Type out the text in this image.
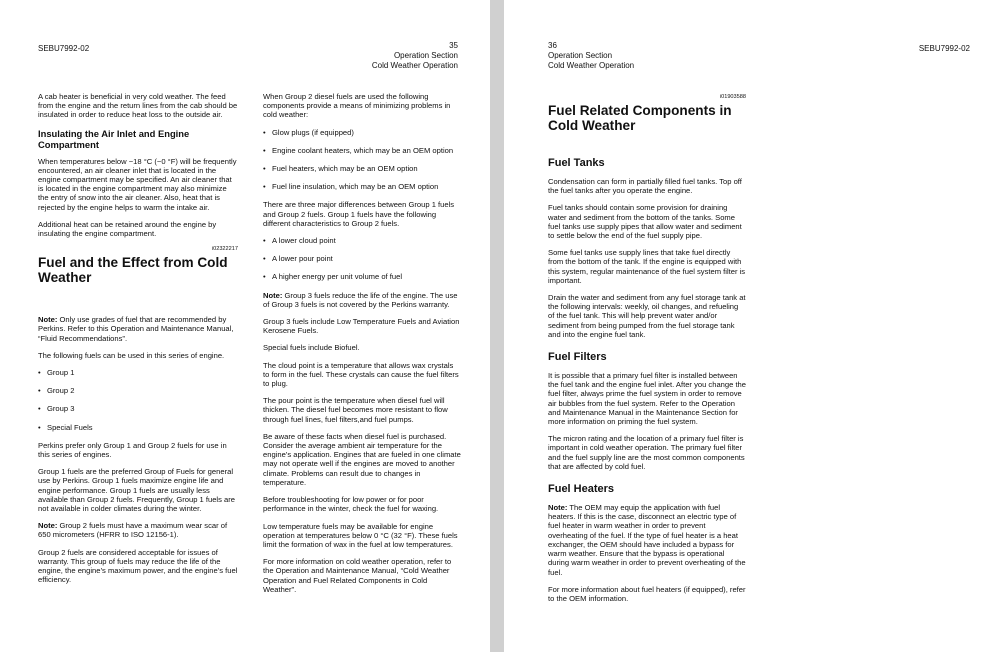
SEBU7992-02	35
Operation Section
Cold Weather Operation

A cab heater is beneficial in very cold weather. The feed from the engine and the return lines from the cab should be insulated in order to reduce heat loss to the outside air.

Insulating the Air Inlet and Engine Compartment

When temperatures below −18 °C (−0 °F) will be frequently encountered, an air cleaner inlet that is located in the engine compartment may be specified. An air cleaner that is located in the engine compartment may also minimize the entry of snow into the air cleaner. Also, heat that is rejected by the engine helps to warm the intake air.

Additional heat can be retained around the engine by insulating the engine compartment.

i02322217
Fuel and the Effect from Cold Weather

Note: Only use grades of fuel that are recommended by Perkins. Refer to this Operation and Maintenance Manual, “Fluid Recommendations”.

The following fuels can be used in this series of engine.

• Group 1
• Group 2
• Group 3
• Special Fuels

Perkins prefer only Group 1 and Group 2 fuels for use in this series of engines.

Group 1 fuels are the preferred Group of Fuels for general use by Perkins. Group 1 fuels maximize engine life and engine performance. Group 1 fuels are usually less available than Group 2 fuels. Frequently, Group 1 fuels are not available in colder climates during the winter.

Note: Group 2 fuels must have a maximum wear scar of 650 micrometers (HFRR to ISO 12156-1).

Group 2 fuels are considered acceptable for issues of warranty. This group of fuels may reduce the life of the engine, the engine’s maximum power, and the engine’s fuel efficiency.

When Group 2 diesel fuels are used the following components provide a means of minimizing problems in cold weather:

• Glow plugs (if equipped)
• Engine coolant heaters, which may be an OEM option
• Fuel heaters, which may be an OEM option
• Fuel line insulation, which may be an OEM option

There are three major differences between Group 1 fuels and Group 2 fuels. Group 1 fuels have the following different characteristics to Group 2 fuels.

• A lower cloud point
• A lower pour point
• A higher energy per unit volume of fuel

Note: Group 3 fuels reduce the life of the engine. The use of Group 3 fuels is not covered by the Perkins warranty.

Group 3 fuels include Low Temperature Fuels and Aviation Kerosene Fuels.

Special fuels include Biofuel.

The cloud point is a temperature that allows wax crystals to form in the fuel. These crystals can cause the fuel filters to plug.

The pour point is the temperature when diesel fuel will thicken. The diesel fuel becomes more resistant to flow through fuel lines, fuel filters,and fuel pumps.

Be aware of these facts when diesel fuel is purchased. Consider the average ambient air temperature for the engine’s application. Engines that are fueled in one climate may not operate well if the engines are moved to another climate. Problems can result due to changes in temperature.

Before troubleshooting for low power or for poor performance in the winter, check the fuel for waxing.

Low temperature fuels may be available for engine operation at temperatures below 0 °C (32 °F). These fuels limit the formation of wax in the fuel at low temperatures.

For more information on cold weather operation, refer to the Operation and Maintenance Manual, “Cold Weather Operation and Fuel Related Components in Cold Weather”.

36
Operation Section
Cold Weather Operation
SEBU7992-02
i01903588
Fuel Related Components in Cold Weather
Fuel Tanks

Condensation can form in partially filled fuel tanks. Top off the fuel tanks after you operate the engine.

Fuel tanks should contain some provision for draining water and sediment from the bottom of the tanks. Some fuel tanks use supply pipes that allow water and sediment to settle below the end of the fuel supply pipe.

Some fuel tanks use supply lines that take fuel directly from the bottom of the tank. If the engine is equipped with this system, regular maintenance of the fuel system filter is important.

Drain the water and sediment from any fuel storage tank at the following intervals: weekly, oil changes, and refueling of the fuel tank. This will help prevent water and/or sediment from being pumped from the fuel storage tank and into the engine fuel tank.

Fuel Filters

It is possible that a primary fuel filter is installed between the fuel tank and the engine fuel inlet. After you change the fuel filter, always prime the fuel system in order to remove air bubbles from the fuel system. Refer to the Operation and Maintenance Manual in the Maintenance Section for more information on priming the fuel system.

The micron rating and the location of a primary fuel filter is important in cold weather operation. The primary fuel filter and the fuel supply line are the most common components that are affected by cold fuel.

Fuel Heaters

Note: The OEM may equip the application with fuel heaters. If this is the case, disconnect an electric type of fuel heater in warm weather in order to prevent overheating of the fuel. If the type of fuel heater is a heat exchanger, the OEM should have included a bypass for warm weather. Ensure that the bypass is operational during warm weather in order to prevent overheating of the fuel.

For more information about fuel heaters (if equipped), refer to the OEM information.
